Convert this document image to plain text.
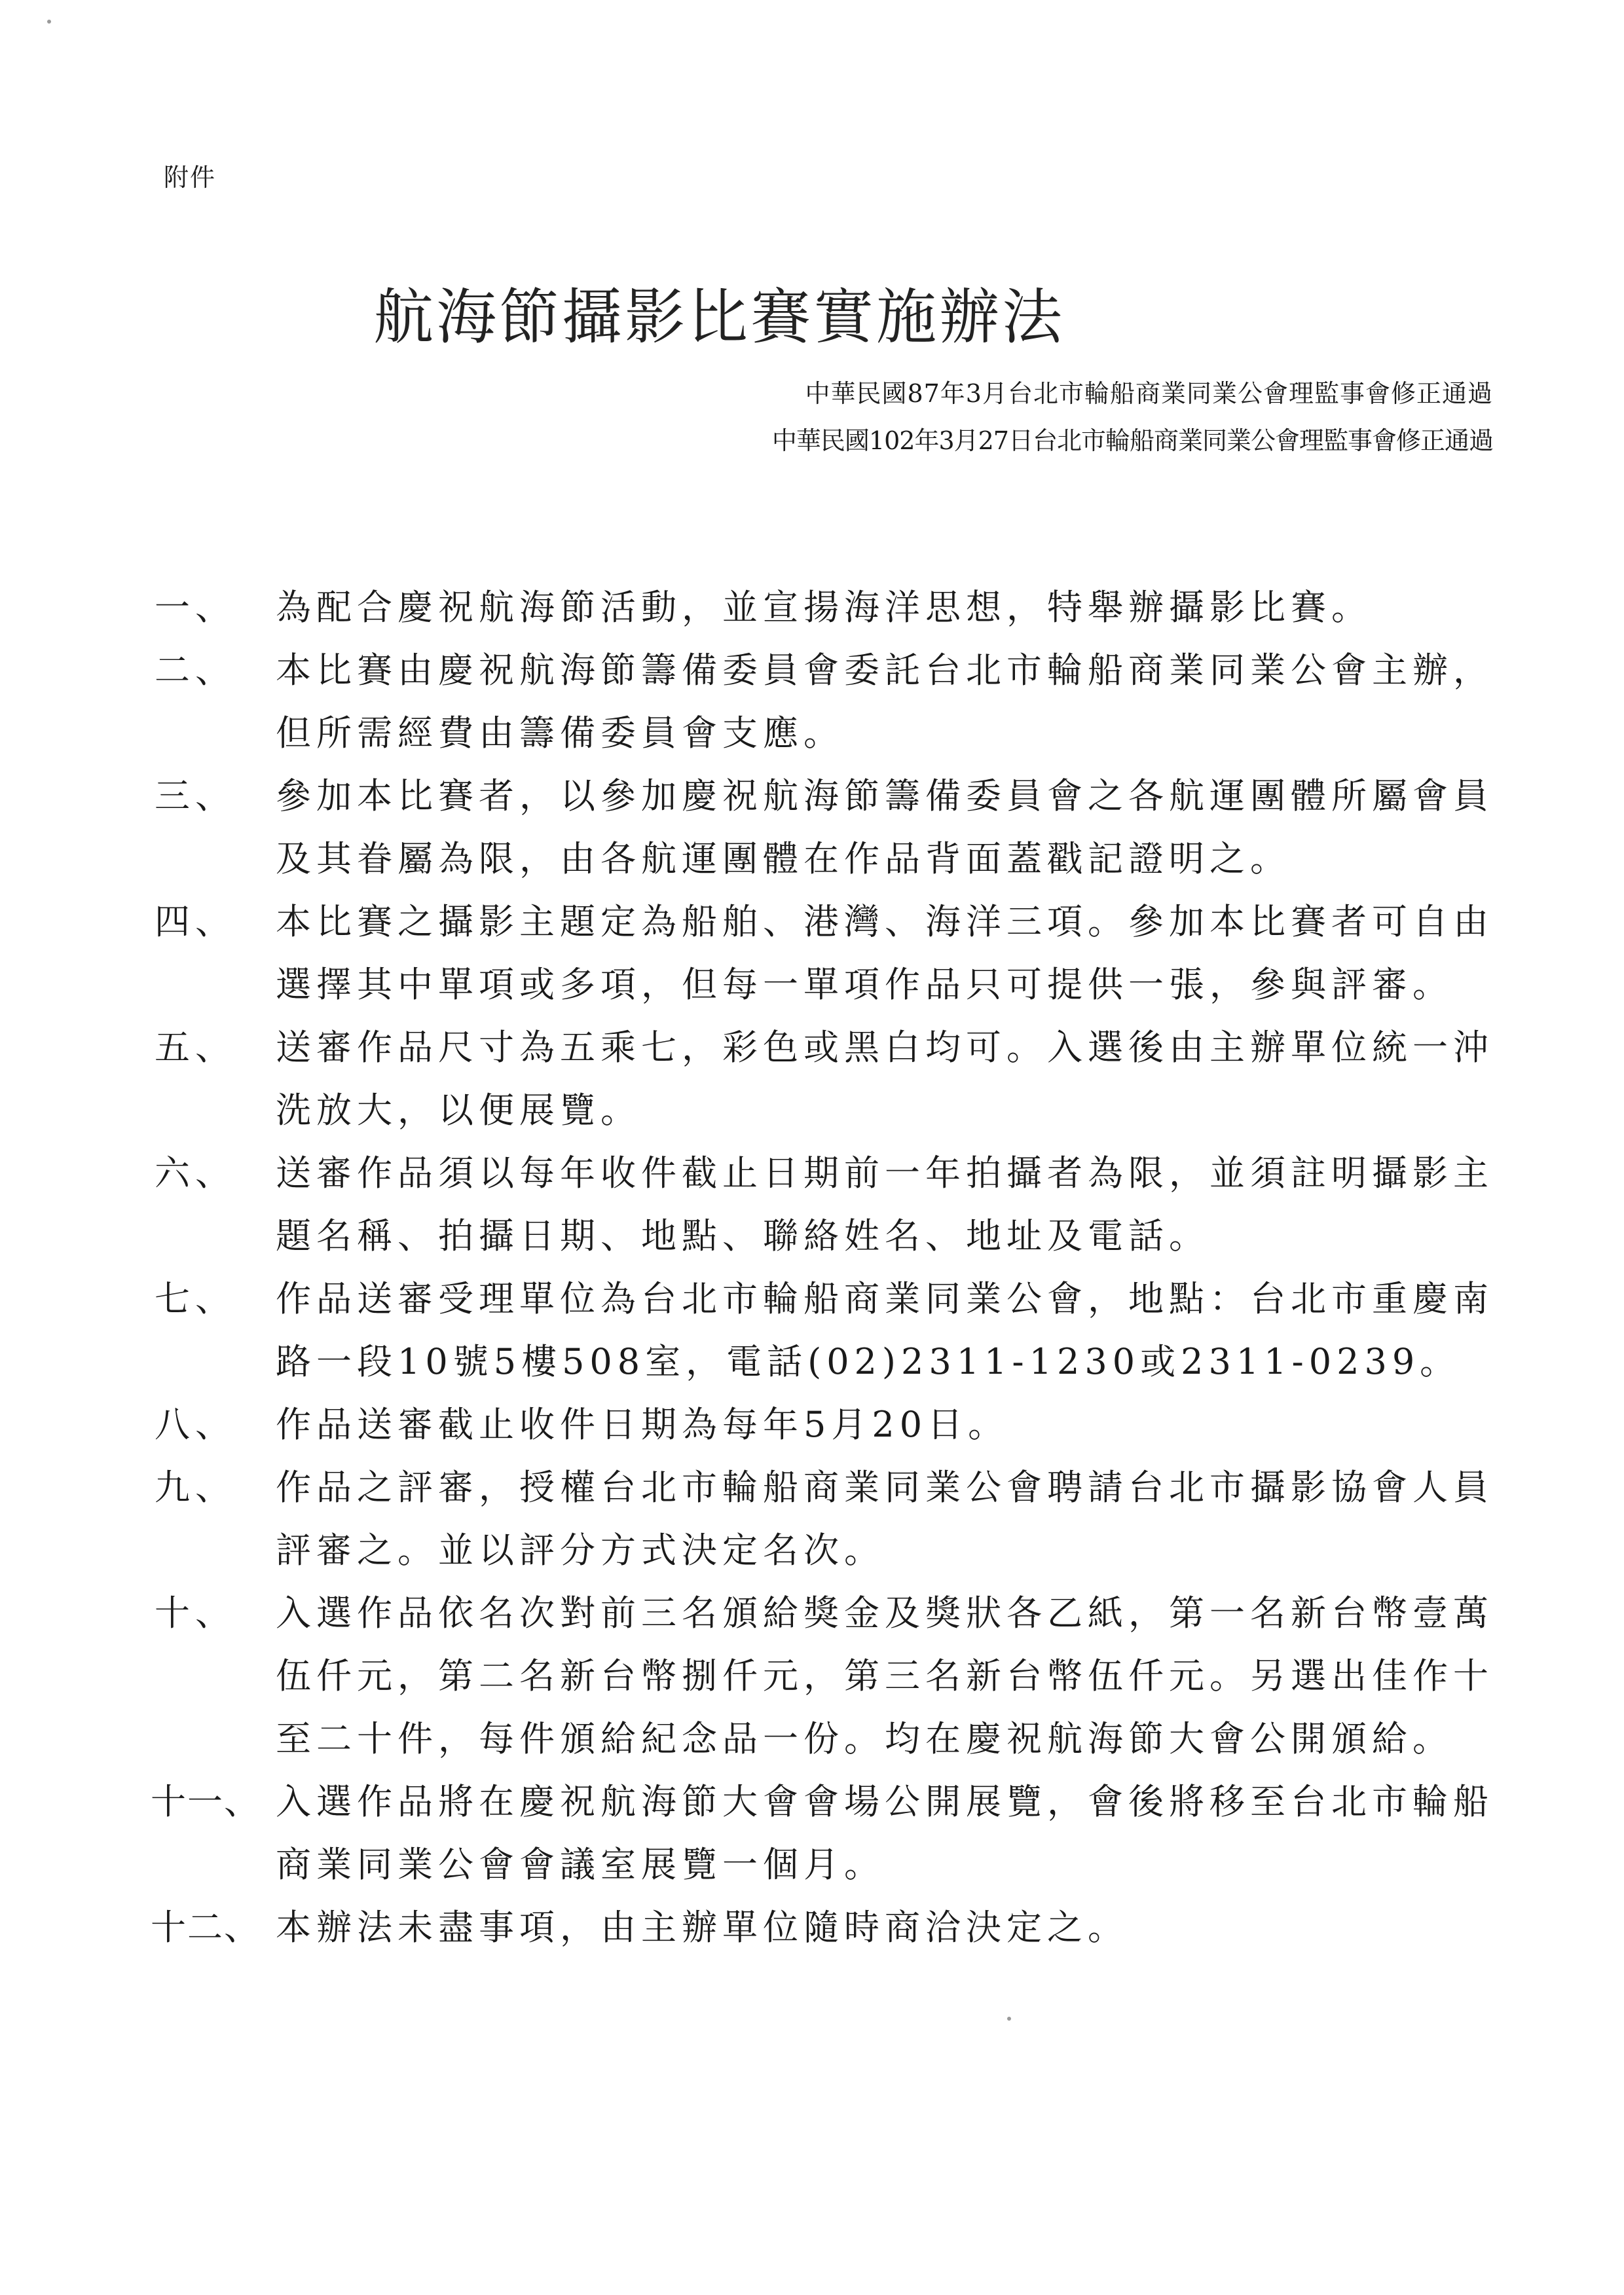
附件
航海節攝影比賽實施辦法
中華民國87年3月台北市輪船商業同業公會理監事會修正通過
中華民國102年3月27日台北市輪船商業同業公會理監事會修正通過
一、	為配合慶祝航海節活動，並宣揚海洋思想，特舉辦攝影比賽。
二、	本比賽由慶祝航海節籌備委員會委託台北市輪船商業同業公會主辦，但所需經費由籌備委員會支應。
三、	參加本比賽者，以參加慶祝航海節籌備委員會之各航運團體所屬會員及其眷屬為限，由各航運團體在作品背面蓋戳記證明之。
四、	本比賽之攝影主題定為船舶、港灣、海洋三項。參加本比賽者可自由選擇其中單項或多項，但每一單項作品只可提供一張，參與評審。
五、	送審作品尺寸為五乘七，彩色或黑白均可。入選後由主辦單位統一沖洗放大，以便展覽。
六、	送審作品須以每年收件截止日期前一年拍攝者為限，並須註明攝影主題名稱、拍攝日期、地點、聯絡姓名、地址及電話。
七、	作品送審受理單位為台北市輪船商業同業公會，地點：台北市重慶南路一段10號5樓508室，電話(02)2311-1230或2311-0239。
八、	作品送審截止收件日期為每年5月20日。
九、	作品之評審，授權台北市輪船商業同業公會聘請台北市攝影協會人員評審之。並以評分方式決定名次。
十、	入選作品依名次對前三名頒給獎金及獎狀各乙紙，第一名新台幣壹萬伍仟元，第二名新台幣捌仟元，第三名新台幣伍仟元。另選出佳作十至二十件，每件頒給紀念品一份。均在慶祝航海節大會公開頒給。
十一、 入選作品將在慶祝航海節大會會場公開展覽，會後將移至台北市輪船商業同業公會會議室展覽一個月。
十二、 本辦法未盡事項，由主辦單位隨時商洽決定之。
